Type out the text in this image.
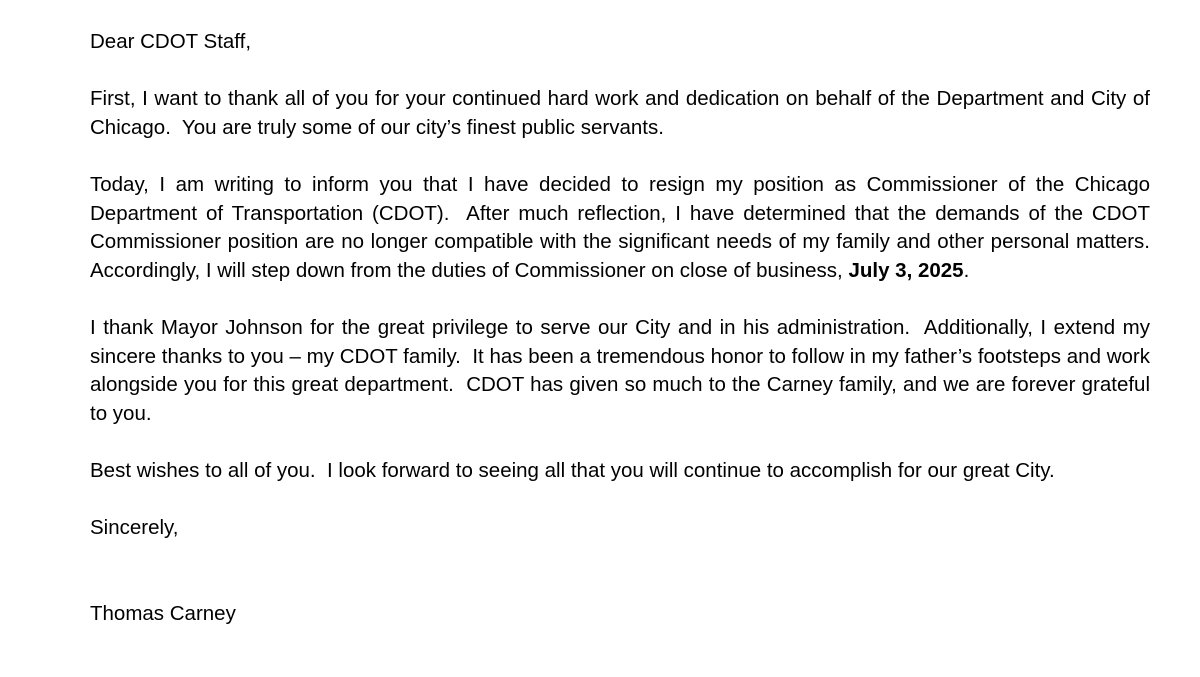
Dear CDOT Staff,

First, I want to thank all of you for your continued hard work and dedication on behalf of the Department and City of Chicago.  You are truly some of our city’s finest public servants.

Today, I am writing to inform you that I have decided to resign my position as Commissioner of the Chicago Department of Transportation (CDOT).  After much reflection, I have determined that the demands of the CDOT Commissioner position are no longer compatible with the significant needs of my family and other personal matters.  Accordingly, I will step down from the duties of Commissioner on close of business, July 3, 2025.

I thank Mayor Johnson for the great privilege to serve our City and in his administration.  Additionally, I extend my sincere thanks to you – my CDOT family.  It has been a tremendous honor to follow in my father’s footsteps and work alongside you for this great department.  CDOT has given so much to the Carney family, and we are forever grateful to you.

Best wishes to all of you.  I look forward to seeing all that you will continue to accomplish for our great City.

Sincerely,

Thomas Carney
